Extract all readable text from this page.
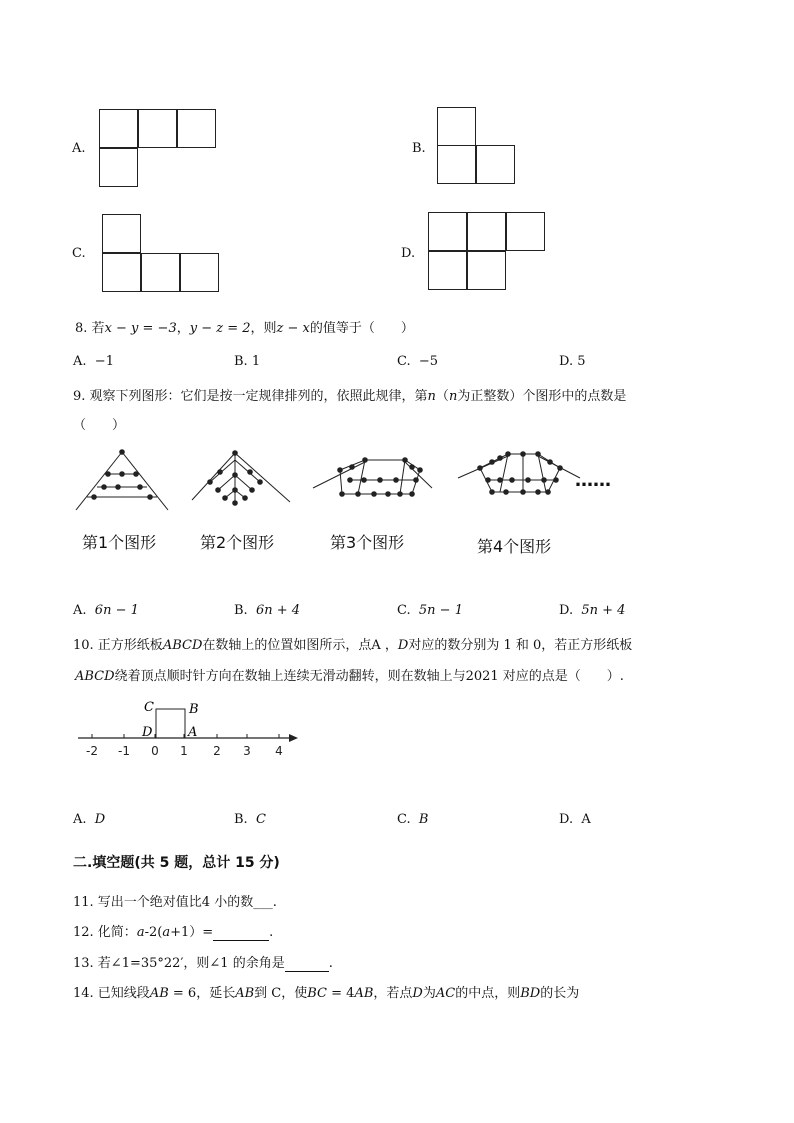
A.	B.
C.	D.
8. 若x − y = −3，y − z = 2，则z − x的值等于（　　）
A. −1	B. 1	C. −5	D. 5
9. 观察下列图形：它们是按一定规律排列的，依照此规律，第n（n为正整数）个图形中的点数是
（　　）
……
第1个图形	第2个图形	第3个图形	第4个图形
A. 6n − 1	B. 6n + 4	C. 5n − 1	D. 5n + 4
10. 正方形纸板ABCD在数轴上的位置如图所示，点A ，D对应的数分别为 1 和 0，若正方形纸板
ABCD绕着顶点顺时针方向在数轴上连续无滑动翻转，则在数轴上与2021 对应的点是（　　）.
C	B
D	A
-2 -1 0 1 2 3 4
A. D	B. C	C. B	D. A
二.填空题(共 5 题，总计 15 分)
11. 写出一个绝对值比4 小的数___.
12. 化简：a-2(a+1）=	.
13. 若∠1=35°22′，则∠1 的余角是	.
14. 已知线段AB = 6，延长AB到 C，使BC = 4AB，若点D为AC的中点，则BD的长为
